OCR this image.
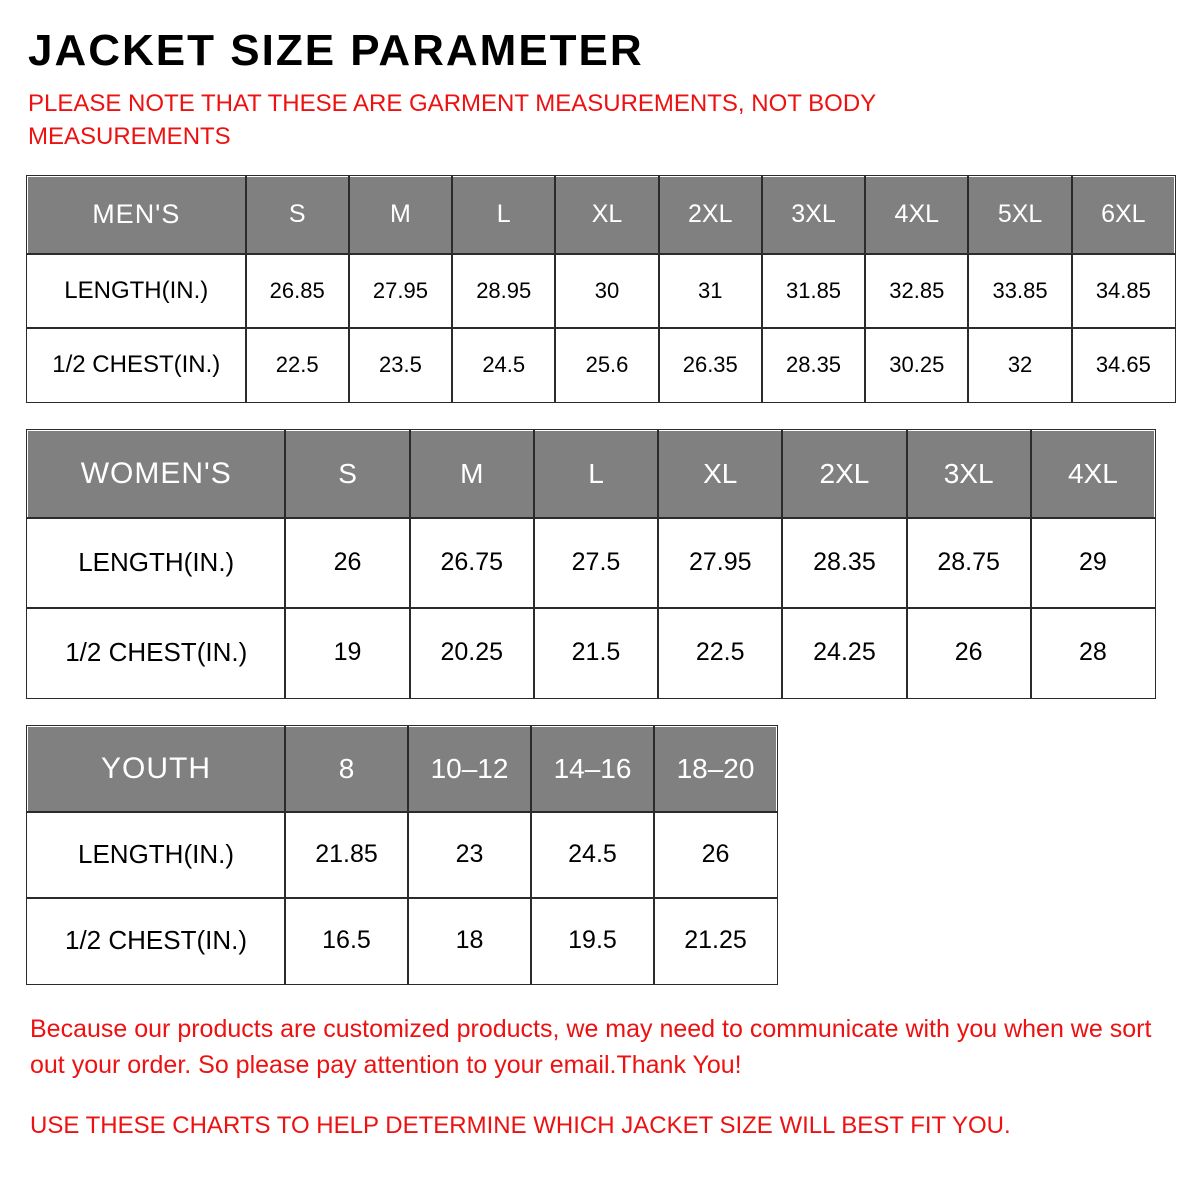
JACKET SIZE PARAMETER

PLEASE NOTE THAT THESE ARE GARMENT MEASUREMENTS, NOT BODY MEASUREMENTS

MEN'S	S	M	L	XL	2XL	3XL	4XL	5XL	6XL
LENGTH(IN.)	26.85	27.95	28.95	30	31	31.85	32.85	33.85	34.85
1/2 CHEST(IN.)	22.5	23.5	24.5	25.6	26.35	28.35	30.25	32	34.65
WOMEN'S	S	M	L	XL	2XL	3XL	4XL
LENGTH(IN.)	26	26.75	27.5	27.95	28.35	28.75	29
1/2 CHEST(IN.)	19	20.25	21.5	22.5	24.25	26	28
YOUTH	8	10–12	14–16	18–20
LENGTH(IN.)	21.85	23	24.5	26
1/2 CHEST(IN.)	16.5	18	19.5	21.25

Because our products are customized products, we may need to communicate with you when we sort out your order. So please pay attention to your email.Thank You!

USE THESE CHARTS TO HELP DETERMINE WHICH JACKET SIZE WILL BEST FIT YOU.
